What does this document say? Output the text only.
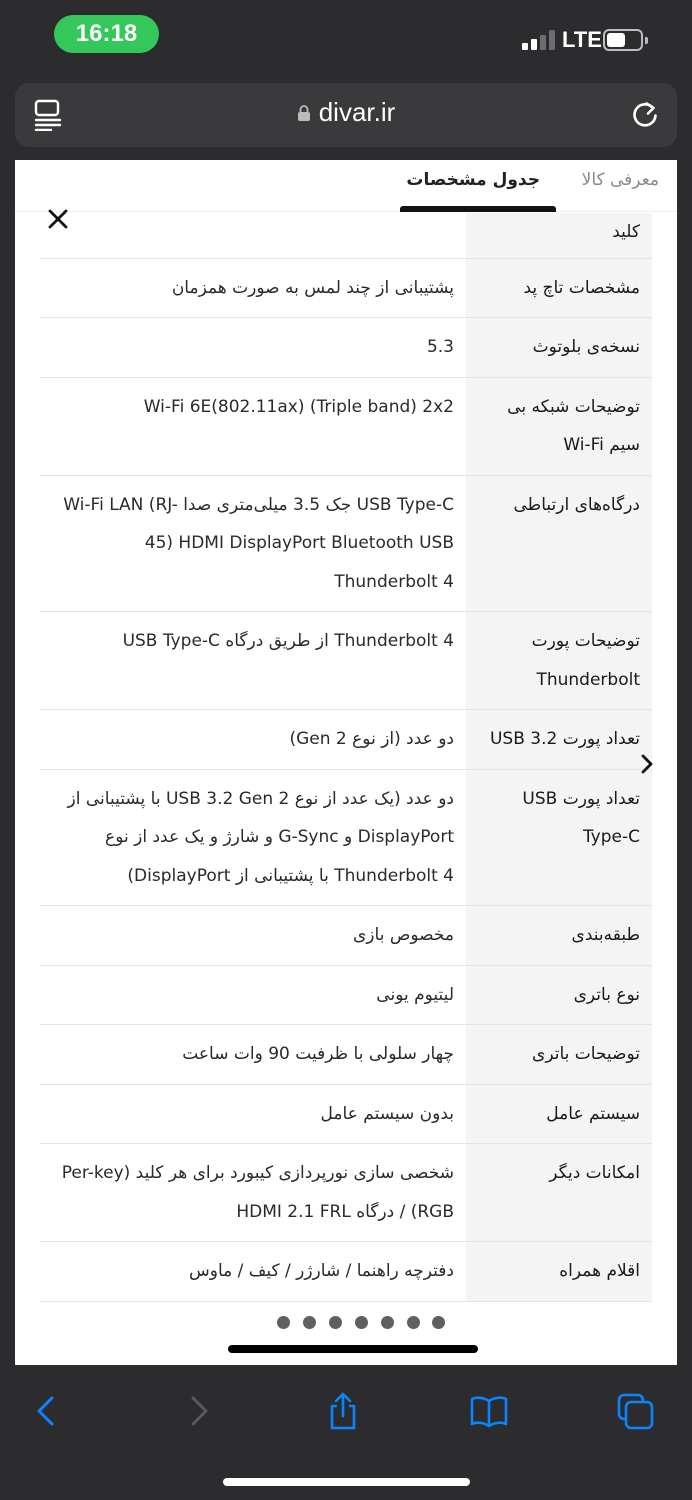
16:18	LTE
divar.ir
معرفی کالا
جدول مشخصات
کلید
مشخصات تاچ پد
پشتیبانی از چند لمس به صورت همزمان
نسخه‌ی بلوتوث
5.3
توضیحات شبکه بی سیم Wi-Fi
Wi-Fi 6E(802.11ax) (Triple band) 2x2
درگاه‌های ارتباطی
USB Type-C جک 3.5 میلی‌متری صدا Wi-Fi LAN (RJ-45) HDMI DisplayPort Bluetooth USB Thunderbolt 4
توضیحات پورت Thunderbolt
Thunderbolt 4 از طریق درگاه USB Type-C
تعداد پورت USB 3.2
دو عدد (از نوع Gen 2)
تعداد پورت USB Type-C
دو عدد (یک عدد از نوع USB 3.2 Gen 2 با پشتیبانی از DisplayPort و G-Sync و شارژ و یک عدد از نوع Thunderbolt 4 با پشتیبانی از DisplayPort)
طبقه‌بندی
مخصوص بازی
نوع باتری
لیتیوم یونی
توضیحات باتری
چهار سلولی با ظرفیت 90 وات ساعت
سیستم عامل
بدون سیستم عامل
امکانات دیگر
شخصی سازی نورپردازی کیبورد برای هر کلید (Per-key RGB) / درگاه HDMI 2.1 FRL
اقلام همراه
دفترچه راهنما / شارژر / کیف / ماوس
